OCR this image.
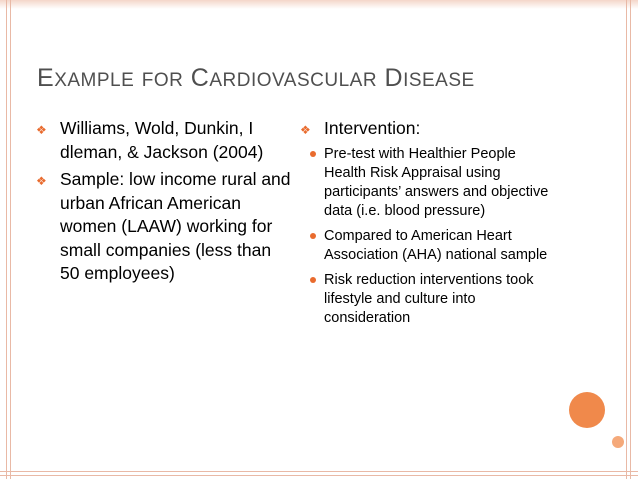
EXAMPLE FOR CARDIOVASCULAR DISEASE
❖ Williams, Wold, Dunkin, I dleman, & Jackson (2004)
❖ Sample: low income rural and urban African American women (LAAW) working for small companies (less than 50 employees)
❖ Intervention:
Pre-test with Healthier People Health Risk Appraisal using participants’ answers and objective data (i.e. blood pressure)
Compared to American Heart Association (AHA) national sample
Risk reduction interventions took lifestyle and culture into consideration
